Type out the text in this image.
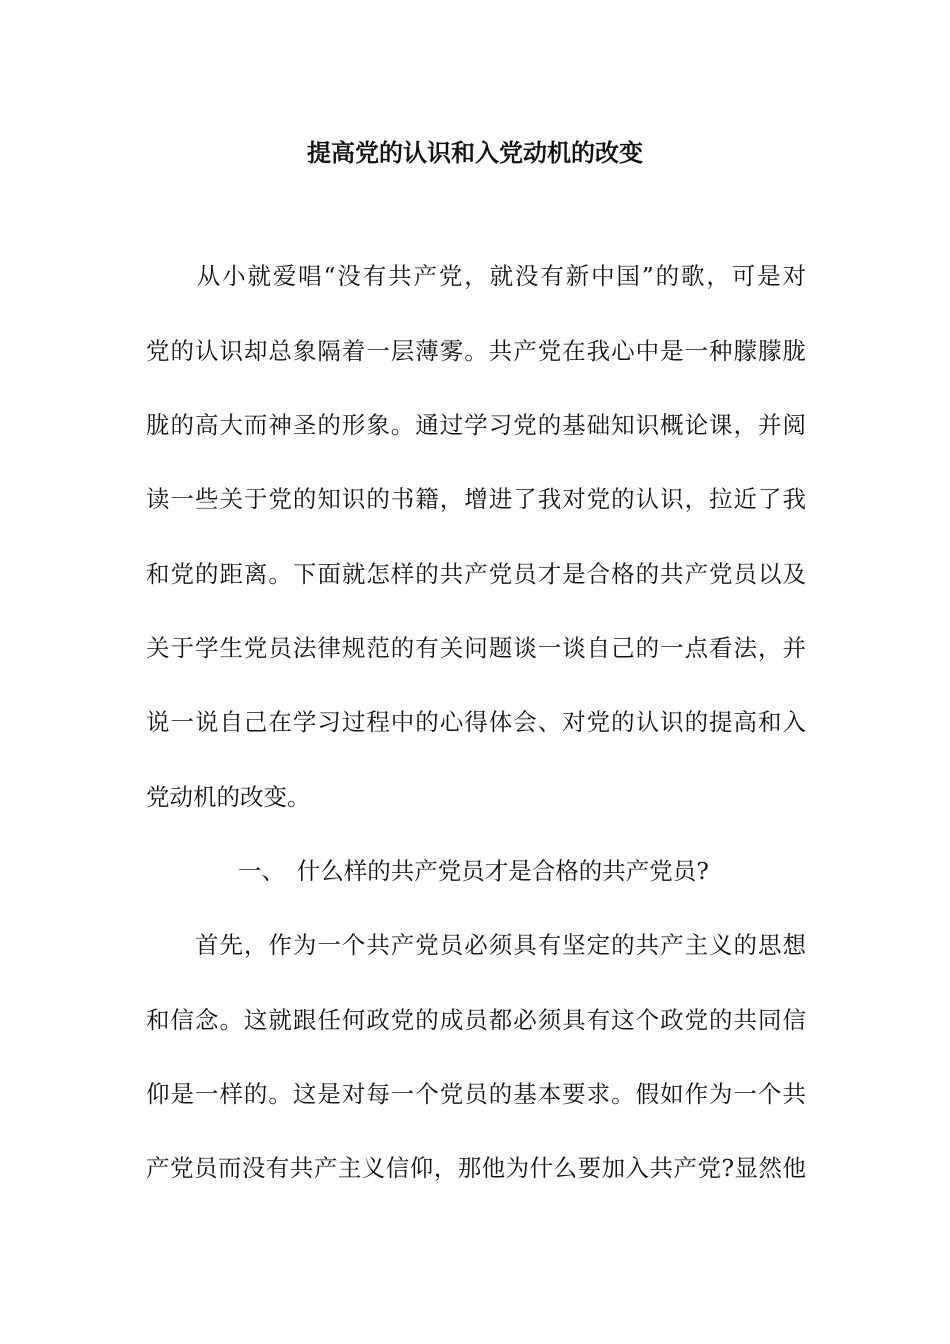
提高党的认识和入党动机的改变
　　从小就爱唱“没有共产党，就没有新中国”的歌，可是对
党的认识却总象隔着一层薄雾。共产党在我心中是一种朦朦胧
胧的高大而神圣的形象。通过学习党的基础知识概论课，并阅
读一些关于党的知识的书籍，增进了我对党的认识，拉近了我
和党的距离。下面就怎样的共产党员才是合格的共产党员以及
关于学生党员法律规范的有关问题谈一谈自己的一点看法，并
说一说自己在学习过程中的心得体会、对党的认识的提高和入
党动机的改变。
一、　什么样的共产党员才是合格的共产党员?
　　首先，作为一个共产党员必须具有坚定的共产主义的思想
和信念。这就跟任何政党的成员都必须具有这个政党的共同信
仰是一样的。这是对每一个党员的基本要求。假如作为一个共
产党员而没有共产主义信仰，那他为什么要加入共产党?显然他
